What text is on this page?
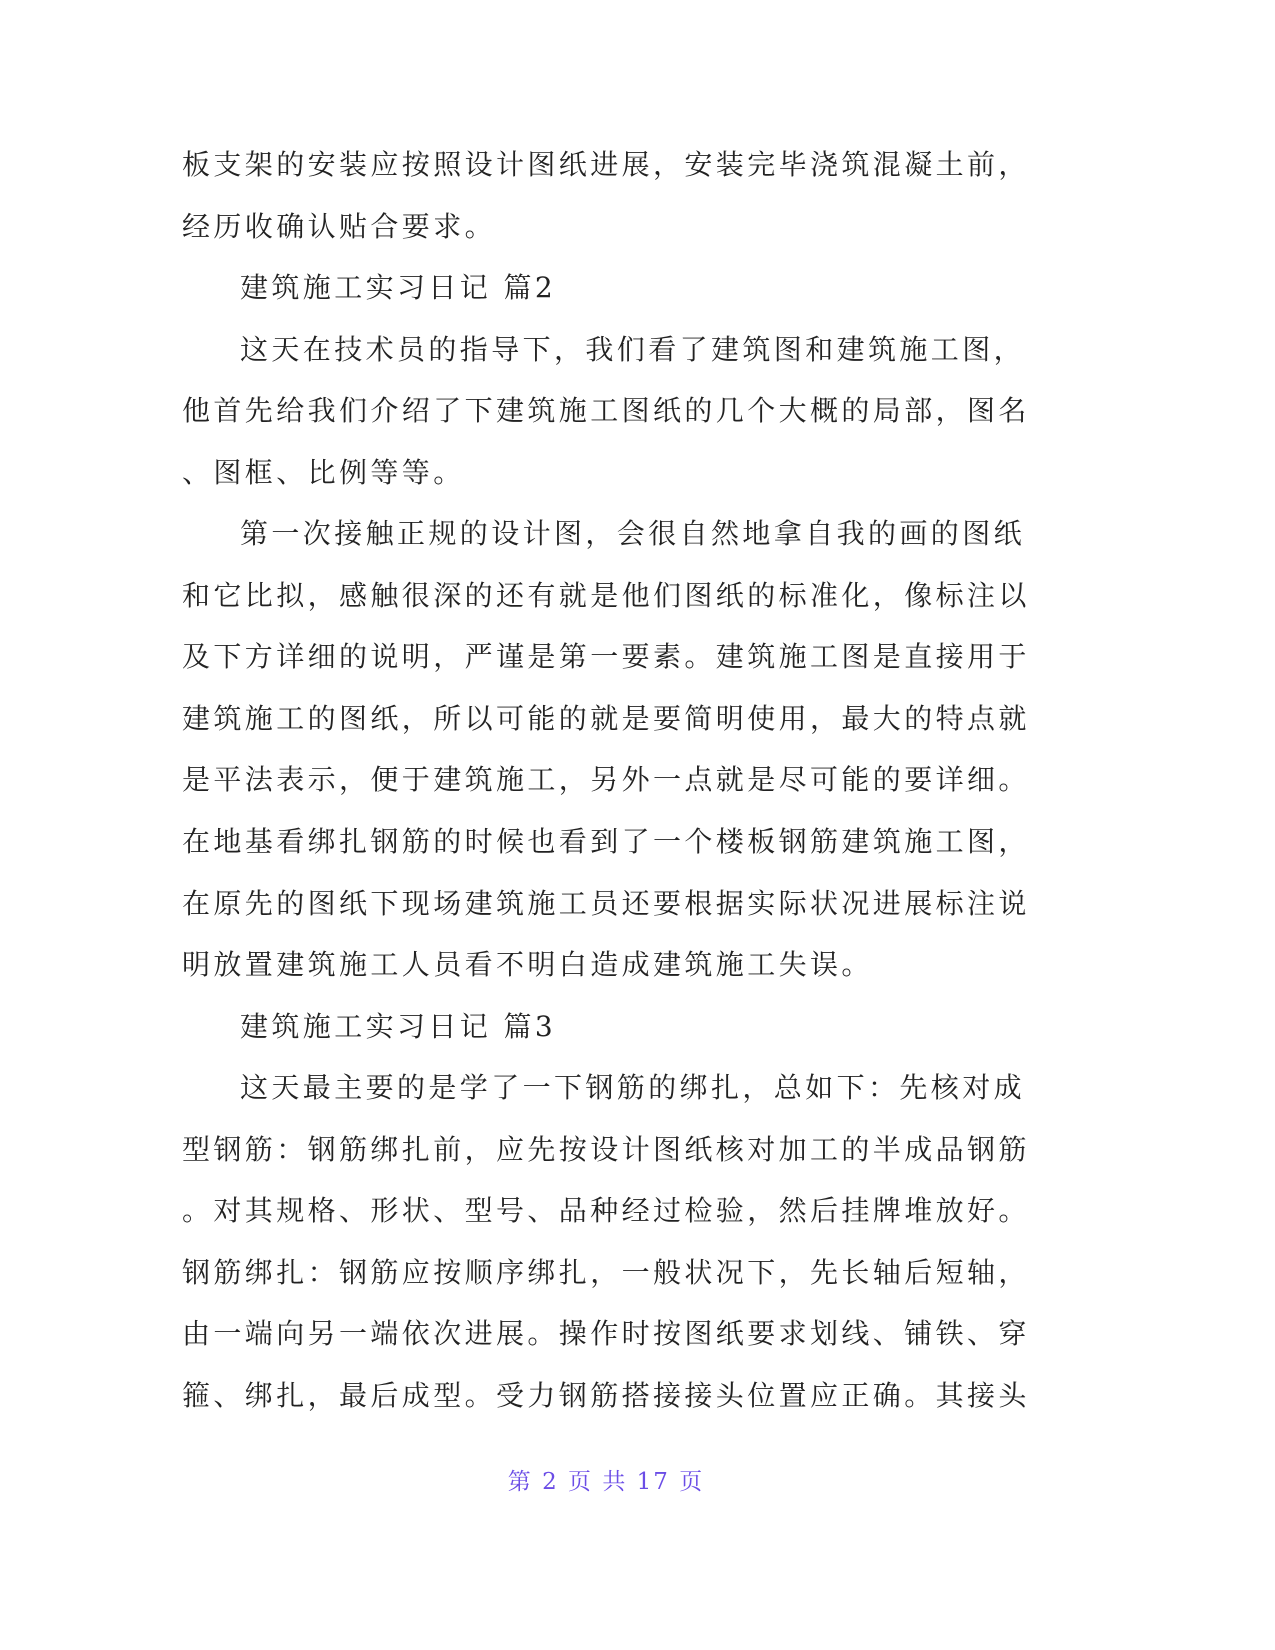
板支架的安装应按照设计图纸进展，安装完毕浇筑混凝土前，
经历收确认贴合要求。
建筑施工实习日记 篇2
这天在技术员的指导下，我们看了建筑图和建筑施工图，
他首先给我们介绍了下建筑施工图纸的几个大概的局部，图名
、图框、比例等等。
第一次接触正规的设计图，会很自然地拿自我的画的图纸
和它比拟，感触很深的还有就是他们图纸的标准化，像标注以
及下方详细的说明，严谨是第一要素。建筑施工图是直接用于
建筑施工的图纸，所以可能的就是要简明使用，最大的特点就
是平法表示，便于建筑施工，另外一点就是尽可能的要详细。
在地基看绑扎钢筋的时候也看到了一个楼板钢筋建筑施工图，
在原先的图纸下现场建筑施工员还要根据实际状况进展标注说
明放置建筑施工人员看不明白造成建筑施工失误。
建筑施工实习日记 篇3
这天最主要的是学了一下钢筋的绑扎，总如下：先核对成
型钢筋：钢筋绑扎前，应先按设计图纸核对加工的半成品钢筋
。对其规格、形状、型号、品种经过检验，然后挂牌堆放好。
钢筋绑扎：钢筋应按顺序绑扎，一般状况下，先长轴后短轴，
由一端向另一端依次进展。操作时按图纸要求划线、铺铁、穿
箍、绑扎，最后成型。受力钢筋搭接接头位置应正确。其接头
第 2 页 共 17 页
